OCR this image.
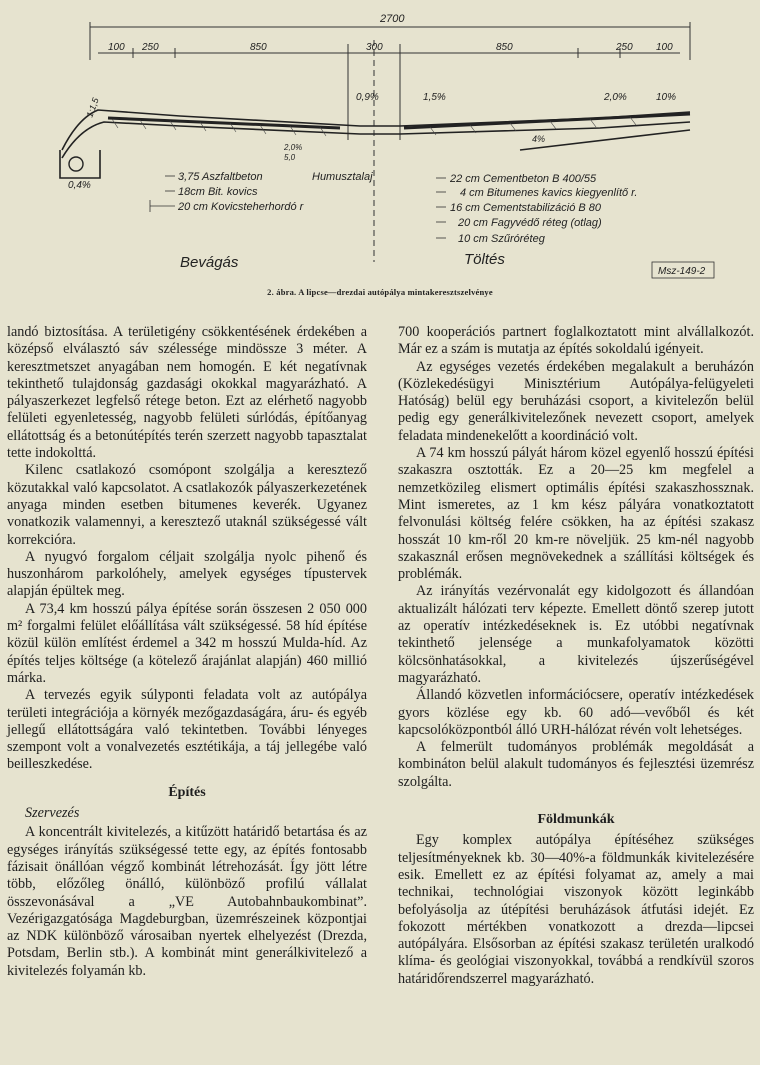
2700
100 250	850	300	850	250 100
1:1,5	0,9%	1,5%	2,0%	10%
0,4%
4%
2,0%
5,0
3,75 Aszfaltbeton
18cm Bit. kovics
20 cm Kovicsteherhordó r
Humusztalaj	22 cm Cementbeton B 400/55
4 cm Bitumenes kavics kiegyenlítő r.
16 cm Cementstabilizáció B 80
20 cm Fagyvédő réteg (otlag)
10 cm Szűróréteg
Bevágás	Töltés
Msz-149-2
2. ábra. A lipcse—drezdai autópálya mintakeresztszelvénye

landó biztosítása. A területigény csökkentésének érdekében a középső elválasztó sáv szélessége mindössze 3 méter. A keresztmetszet anyagában nem homogén. E két negatívnak tekinthető tulajdonság gazdasági okokkal magyarázható. A pályaszerkezet legfelső rétege beton. Ezt az elérhető nagyobb felületi egyenletesség, nagyobb felületi súrlódás, építőanyag ellátottság és a betonútépítés terén szerzett nagyobb tapasztalat tette indokolttá.

Kilenc csatlakozó csomópont szolgálja a keresztező közutakkal való kapcsolatot. A csatlakozók pályaszerkezetének anyaga minden esetben bitumenes keverék. Ugyanez vonatkozik valamennyi, a keresztező utaknál szükségessé vált korrekcióra.

A nyugvó forgalom céljait szolgálja nyolc pihenő és huszonhárom parkolóhely, amelyek egységes típustervek alapján épültek meg.

A 73,4 km hosszú pálya építése során összesen 2 050 000 m² forgalmi felület előállítása vált szükségessé. 58 híd építése közül külön említést érdemel a 342 m hosszú Mulda-híd. Az építés teljes költsége (a kötelező árajánlat alapján) 460 millió márka.

A tervezés egyik súlyponti feladata volt az autópálya területi integrációja a környék mezőgazdaságára, áru- és egyéb jellegű ellátottságára való tekintetben. További lényeges szempont volt a vonalvezetés esztétikája, a táj jellegébe való beilleszkedése.

Építés

Szervezés

A koncentrált kivitelezés, a kitűzött határidő betartása és az egységes irányítás szükségessé tette egy, az építés fontosabb fázisait önállóan végző kombinát létrehozását. Így jött létre több, előzőleg önálló, különböző profilú vállalat összevonásával a „VE Autobahnbaukombinat”. Vezérigazgatósága Magdeburgban, üzemrészeinek központjai az NDK különböző városaiban nyertek elhelyezést (Drezda, Potsdam, Berlin stb.). A kombinát mint generálkivitelező a kivitelezés folyamán kb.

700 kooperációs partnert foglalkoztatott mint alvállalkozót. Már ez a szám is mutatja az építés sokoldalú igényeit.

Az egységes vezetés érdekében megalakult a beruházón (Közlekedésügyi Minisztérium Autópálya-felügyeleti Hatóság) belül egy beruházási csoport, a kivitelezőn belül pedig egy generálkivitelezőnek nevezett csoport, amelyek feladata mindenekelőtt a koordináció volt.

A 74 km hosszú pályát három közel egyenlő hosszú építési szakaszra osztották. Ez a 20—25 km megfelel a nemzetközileg elismert optimális építési szakaszhossznak. Mint ismeretes, az 1 km kész pályára vonatkoztatott felvonulási költség felére csökken, ha az építési szakasz hosszát 10 km-ről 20 km-re növeljük. 25 km-nél nagyobb szakasznál erősen megnövekednek a szállítási költségek és problémák.

Az irányítás vezérvonalát egy kidolgozott és állandóan aktualizált hálózati terv képezte. Emellett döntő szerep jutott az operatív intézkedéseknek is. Ez utóbbi negatívnak tekinthető jelensége a munkafolyamatok közötti kölcsönhatásokkal, a kivitelezés újszerűségével magyarázható.

Állandó közvetlen információcsere, operatív intézkedések gyors közlése egy kb. 60 adó—vevőből és két kapcsolóközpontból álló URH-hálózat révén volt lehetséges.

A felmerült tudományos problémák megoldását a kombináton belül alakult tudományos és fejlesztési üzemrész szolgálta.

Földmunkák

Egy komplex autópálya építéséhez szükséges teljesítményeknek kb. 30—40%-a földmunkák kivitelezésére esik. Emellett ez az építési folyamat az, amely a mai technikai, technológiai viszonyok között leginkább befolyásolja az útépítési beruházások átfutási idejét. Ez fokozott mértékben vonatkozott a drezda—lipcsei autópályára. Elsősorban az építési szakasz területén uralkodó klíma- és geológiai viszonyokkal, továbbá a rendkívül szoros határidőrendszerrel magyarázható.
